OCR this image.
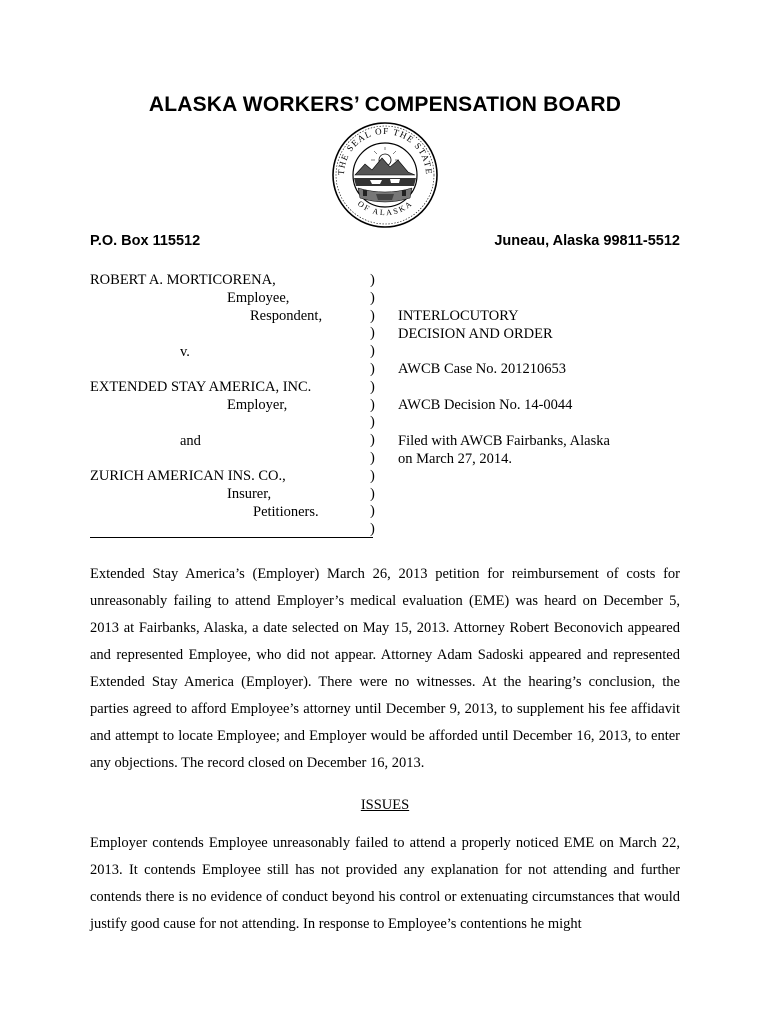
ALASKA WORKERS’ COMPENSATION BOARD
THE SEAL OF THE STATE
OF ALASKA
P.O. Box 115512	Juneau, Alaska 99811-5512
ROBERT A. MORTICORENA,
Employee,
Respondent,
v.
EXTENDED STAY AMERICA, INC.
Employer,
and
ZURICH AMERICAN INS. CO.,
Insurer,
Petitioners.
)
)
)
)
)
)
)
)
)
)
)
)
)
)
)
INTERLOCUTORY
DECISION AND ORDER
AWCB Case No. 201210653
AWCB Decision No. 14-0044
Filed with AWCB Fairbanks, Alaska
on March 27, 2014.
Extended Stay America’s (Employer) March 26, 2013 petition for reimbursement of costs for unreasonably failing to attend Employer’s medical evaluation (EME) was heard on December 5, 2013 at Fairbanks, Alaska, a date selected on May 15, 2013. Attorney Robert Beconovich appeared and represented Employee, who did not appear. Attorney Adam Sadoski appeared and represented Extended Stay America (Employer). There were no witnesses. At the hearing’s conclusion, the parties agreed to afford Employee’s attorney until December 9, 2013, to supplement his fee affidavit and attempt to locate Employee; and Employer would be afforded until December 16, 2013, to enter any objections. The record closed on December 16, 2013.
ISSUES
Employer contends Employee unreasonably failed to attend a properly noticed EME on March 22, 2013. It contends Employee still has not provided any explanation for not attending and further contends there is no evidence of conduct beyond his control or extenuating circumstances that would justify good cause for not attending. In response to Employee’s contentions he might
